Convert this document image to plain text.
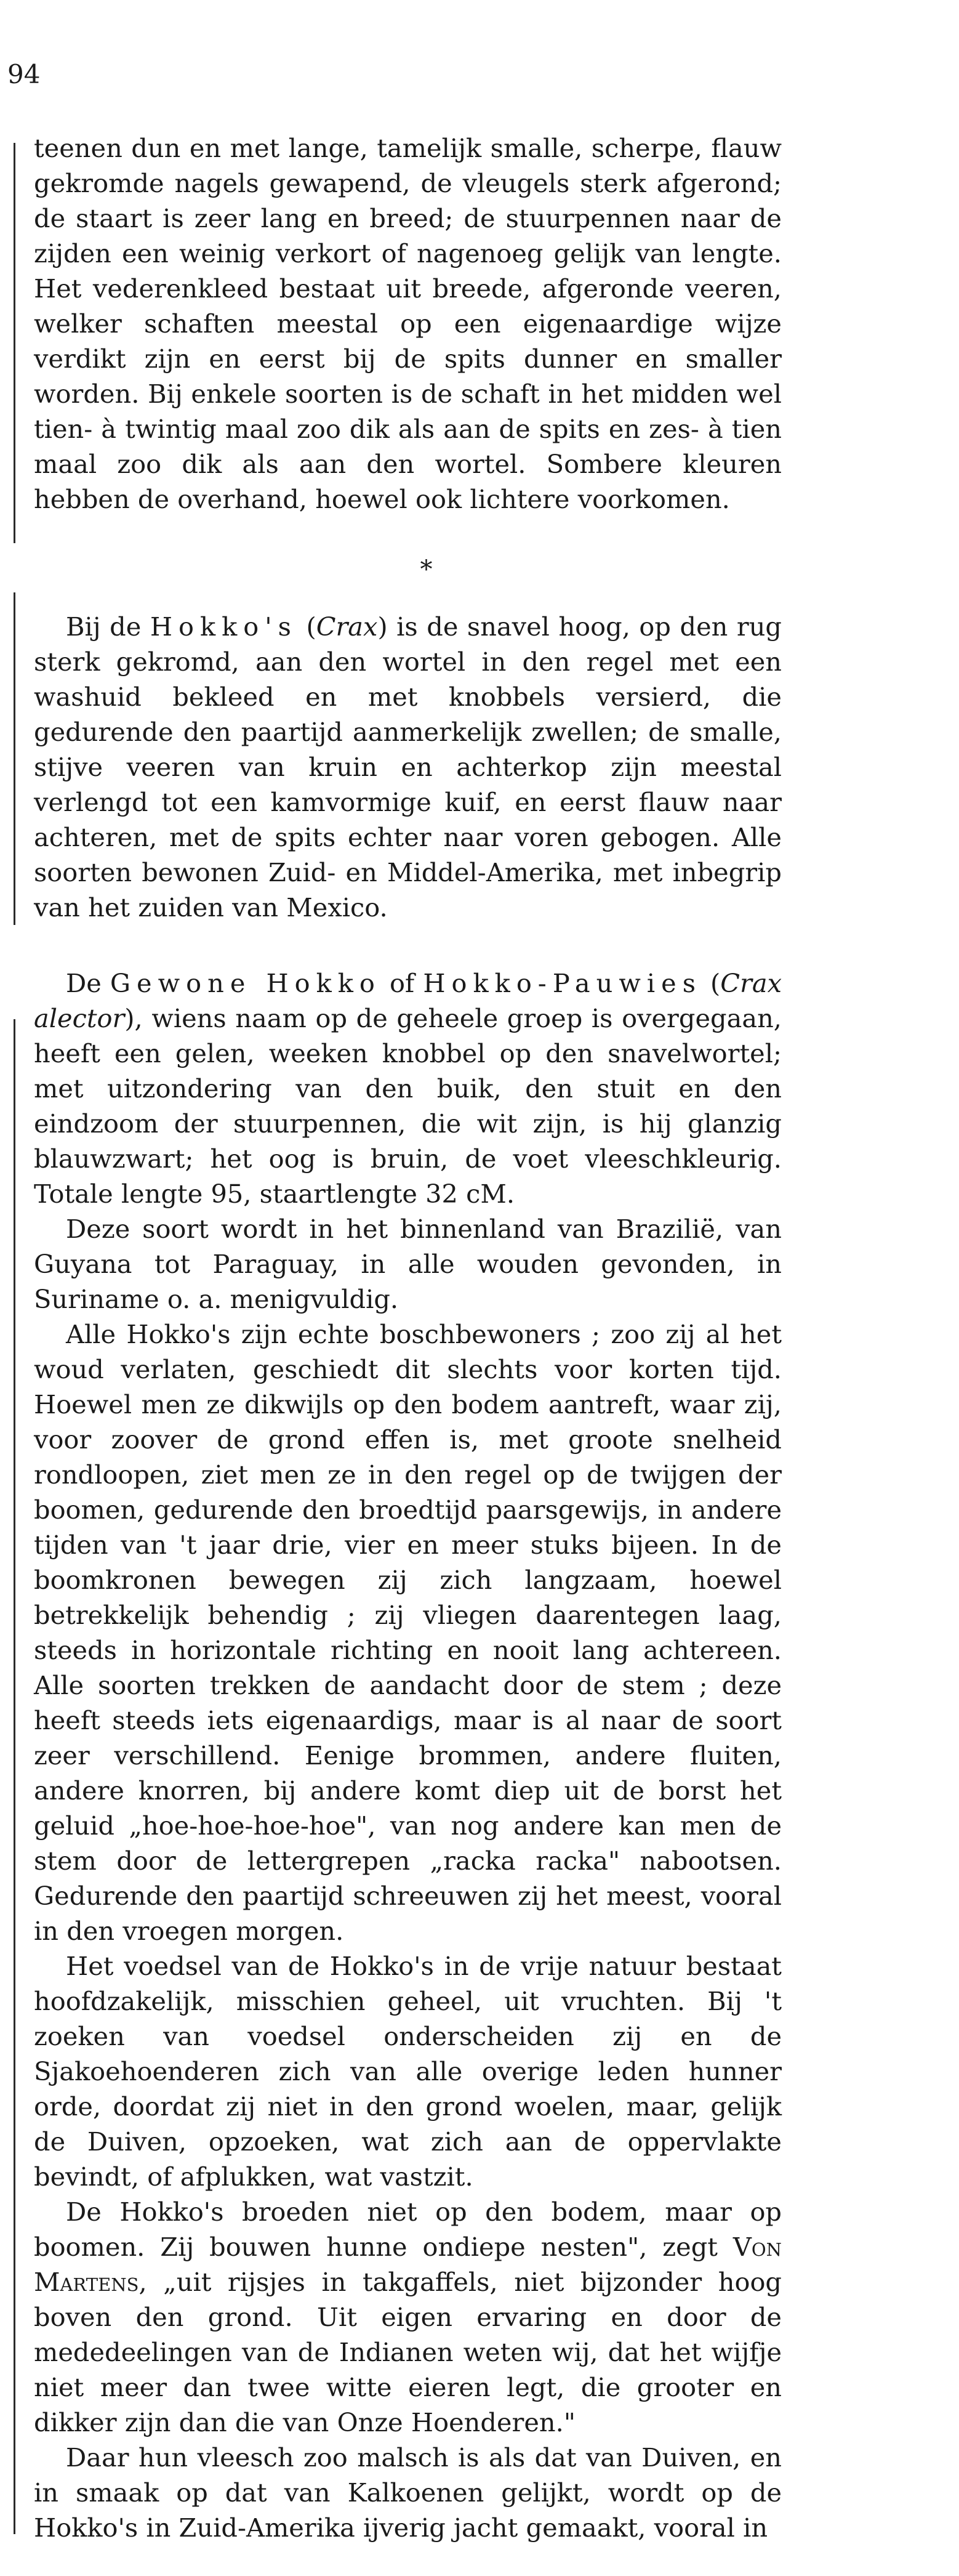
94

teenen dun en met lange, tamelijk smalle, scherpe, flauw gekromde nagels gewapend, de vleugels sterk afgerond; de staart is zeer lang en breed; de stuurpennen naar de zijden een weinig verkort of nagenoeg gelijk van lengte. Het vederenkleed bestaat uit breede, afgeronde veeren, welker schaften meestal op een eigenaardige wijze verdikt zijn en eerst bij de spits dunner en smaller worden. Bij enkele soorten is de schaft in het midden wel tien- à twintig maal zoo dik als aan de spits en zes- à tien maal zoo dik als aan den wortel. Sombere kleuren hebben de overhand, hoewel ook lichtere voorkomen.

*

Bij de Hokko's (Crax) is de snavel hoog, op den rug sterk gekromd, aan den wortel in den regel met een washuid bekleed en met knobbels versierd, die gedurende den paartijd aanmerkelijk zwellen; de smalle, stijve veeren van kruin en achterkop zijn meestal verlengd tot een kamvormige kuif, en eerst flauw naar achteren, met de spits echter naar voren gebogen. Alle soorten bewonen Zuid- en Middel-Amerika, met inbegrip van het zuiden van Mexico.

De Gewone Hokko of Hokko-Pauwies (Crax alector), wiens naam op de geheele groep is overgegaan, heeft een gelen, weeken knobbel op den snavelwortel; met uitzondering van den buik, den stuit en den eindzoom der stuurpennen, die wit zijn, is hij glanzig blauwzwart; het oog is bruin, de voet vleeschkleurig. Totale lengte 95, staartlengte 32 cM.

Deze soort wordt in het binnenland van Brazilië, van Guyana tot Paraguay, in alle wouden gevonden, in Suriname o. a. menigvuldig.

Alle Hokko's zijn echte boschbewoners ; zoo zij al het woud verlaten, geschiedt dit slechts voor korten tijd. Hoewel men ze dikwijls op den bodem aantreft, waar zij, voor zoover de grond effen is, met groote snelheid rondloopen, ziet men ze in den regel op de twijgen der boomen, gedurende den broedtijd paarsgewijs, in andere tijden van 't jaar drie, vier en meer stuks bijeen. In de boomkronen bewegen zij zich langzaam, hoewel betrekkelijk behendig ; zij vliegen daarentegen laag, steeds in horizontale richting en nooit lang achtereen. Alle soorten trekken de aandacht door de stem ; deze heeft steeds iets eigenaardigs, maar is al naar de soort zeer verschillend. Eenige brommen, andere fluiten, andere knorren, bij andere komt diep uit de borst het geluid „hoe-hoe-hoe-hoe", van nog andere kan men de stem door de lettergrepen „racka racka" nabootsen. Gedurende den paartijd schreeuwen zij het meest, vooral in den vroegen morgen.

Het voedsel van de Hokko's in de vrije natuur bestaat hoofdzakelijk, misschien geheel, uit vruchten. Bij 't zoeken van voedsel onderscheiden zij en de Sjakoehoenderen zich van alle overige leden hunner orde, doordat zij niet in den grond woelen, maar, gelijk de Duiven, opzoeken, wat zich aan de oppervlakte bevindt, of afplukken, wat vastzit.

De Hokko's broeden niet op den bodem, maar op boomen. Zij bouwen hunne ondiepe nesten", zegt Von Martens, „uit rijsjes in takgaffels, niet bijzonder hoog boven den grond. Uit eigen ervaring en door de mededeelingen van de Indianen weten wij, dat het wijfje niet meer dan twee witte eieren legt, die grooter en dikker zijn dan die van Onze Hoenderen."

Daar hun vleesch zoo malsch is als dat van Duiven, en in smaak op dat van Kalkoenen gelijkt, wordt op de Hokko's in Zuid-Amerika ijverig jacht gemaakt, vooral in
